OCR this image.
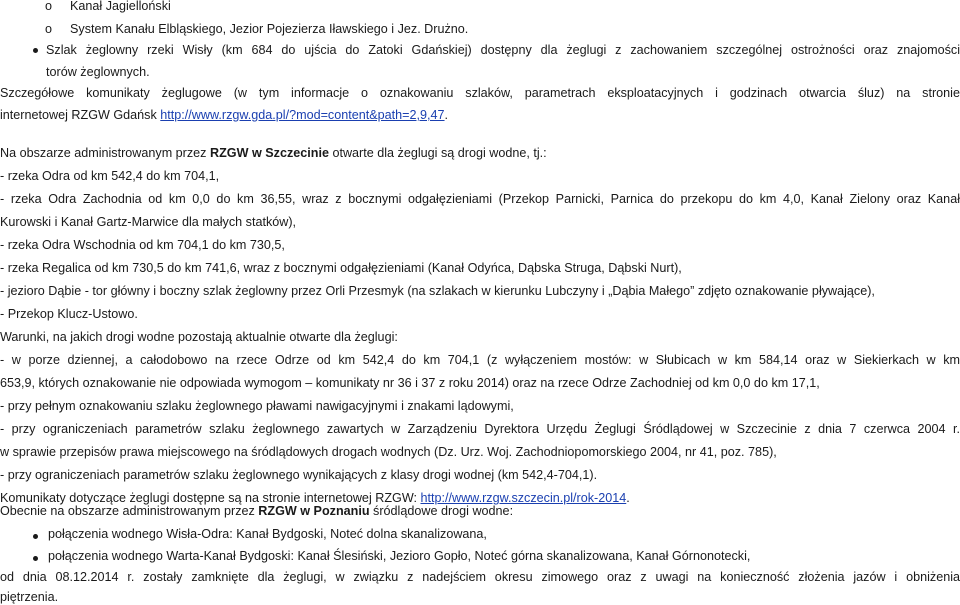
o Kanał Jagielloński
o System Kanału Elbląskiego, Jezior Pojezierza Iławskiego i Jez. Drużno.
Szlak żeglowny rzeki Wisły (km 684 do ujścia do Zatoki Gdańskiej) dostępny dla żeglugi z zachowaniem szczególnej ostrożności oraz znajomości
torów żeglownych.
Szczegółowe komunikaty żeglugowe (w tym informacje o oznakowaniu szlaków, parametrach eksploatacyjnych i godzinach otwarcia śluz) na stronie
internetowej RZGW Gdańsk http://www.rzgw.gda.pl/?mod=content&path=2,9,47.
Na obszarze administrowanym przez RZGW w Szczecinie otwarte dla żeglugi są drogi wodne, tj.:
- rzeka Odra od km 542,4 do km 704,1,
- rzeka Odra Zachodnia od km 0,0 do km 36,55, wraz z bocznymi odgałęzieniami (Przekop Parnicki, Parnica do przekopu do km 4,0, Kanał Zielony oraz Kanał
Kurowski i Kanał Gartz-Marwice dla małych statków),
- rzeka Odra Wschodnia od km 704,1 do km 730,5,
- rzeka Regalica od km 730,5 do km 741,6, wraz z bocznymi odgałęzieniami (Kanał Odyńca, Dąbska Struga, Dąbski Nurt),
- jezioro Dąbie - tor główny i boczny szlak żeglowny przez Orli Przesmyk (na szlakach w kierunku Lubczyny i „Dąbia Małego” zdjęto oznakowanie pływające),
- Przekop Klucz-Ustowo.
Warunki, na jakich drogi wodne pozostają aktualnie otwarte dla żeglugi:
- w porze dziennej, a całodobowo na rzece Odrze od km 542,4 do km 704,1 (z wyłączeniem mostów: w Słubicach w km 584,14 oraz w Siekierkach w km
653,9, których oznakowanie nie odpowiada wymogom – komunikaty nr 36 i 37 z roku 2014) oraz na rzece Odrze Zachodniej od km 0,0 do km 17,1,
- przy pełnym oznakowaniu szlaku żeglownego pławami nawigacyjnymi i znakami lądowymi,
- przy ograniczeniach parametrów szlaku żeglownego zawartych w Zarządzeniu Dyrektora Urzędu Żeglugi Śródlądowej w Szczecinie z dnia 7 czerwca 2004 r.
w sprawie przepisów prawa miejscowego na śródlądowych drogach wodnych (Dz. Urz. Woj. Zachodniopomorskiego 2004, nr 41, poz. 785),
- przy ograniczeniach parametrów szlaku żeglownego wynikających z klasy drogi wodnej (km 542,4-704,1).
Komunikaty dotyczące żeglugi dostępne są na stronie internetowej RZGW: http://www.rzgw.szczecin.pl/rok-2014.
Obecnie na obszarze administrowanym przez RZGW w Poznaniu śródlądowe drogi wodne:
połączenia wodnego Wisła-Odra: Kanał Bydgoski, Noteć dolna skanalizowana,
połączenia wodnego Warta-Kanał Bydgoski: Kanał Ślesiński, Jezioro Gopło, Noteć górna skanalizowana, Kanał Górnonotecki,
od dnia 08.12.2014 r. zostały zamknięte dla żeglugi, w związku z nadejściem okresu zimowego oraz z uwagi na konieczność złożenia jazów i obniżenia
piętrzenia.
